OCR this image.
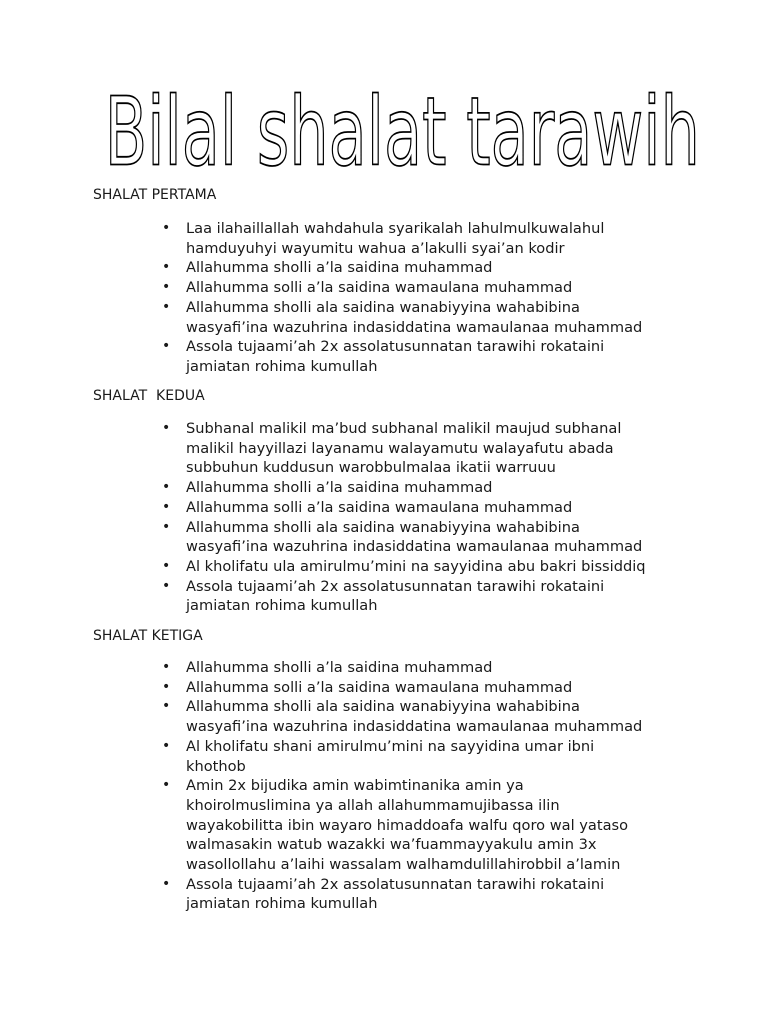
Bilal shalat tarawih
SHALAT PERTAMA
• Laa ilahaillallah wahdahula syarikalah lahulmulkuwalahul
hamduyuhyi wayumitu wahua a’lakulli syai’an kodir
• Allahumma sholli a’la saidina muhammad
• Allahumma solli a’la saidina wamaulana muhammad
• Allahumma sholli ala saidina wanabiyyina wahabibina
wasyafi’ina wazuhrina indasiddatina wamaulanaa muhammad
• Assola tujaami’ah 2x assolatusunnatan tarawihi rokataini
jamiatan rohima kumullah
SHALAT  KEDUA
• Subhanal malikil ma’bud subhanal malikil maujud subhanal
malikil hayyillazi layanamu walayamutu walayafutu abada
subbuhun kuddusun warobbulmalaa ikatii warruuu
• Allahumma sholli a’la saidina muhammad
• Allahumma solli a’la saidina wamaulana muhammad
• Allahumma sholli ala saidina wanabiyyina wahabibina
wasyafi’ina wazuhrina indasiddatina wamaulanaa muhammad
• Al kholifatu ula amirulmu’mini na sayyidina abu bakri bissiddiq
• Assola tujaami’ah 2x assolatusunnatan tarawihi rokataini
jamiatan rohima kumullah
SHALAT KETIGA
• Allahumma sholli a’la saidina muhammad
• Allahumma solli a’la saidina wamaulana muhammad
• Allahumma sholli ala saidina wanabiyyina wahabibina
wasyafi’ina wazuhrina indasiddatina wamaulanaa muhammad
• Al kholifatu shani amirulmu’mini na sayyidina umar ibni
khothob
• Amin 2x bijudika amin wabimtinanika amin ya
khoirolmuslimina ya allah allahummamujibassa ilin
wayakobilitta ibin wayaro himaddoafa walfu qoro wal yataso
walmasakin watub wazakki wa’fuammayyakulu amin 3x
wasollollahu a’laihi wassalam walhamdulillahirobbil a’lamin
• Assola tujaami’ah 2x assolatusunnatan tarawihi rokataini
jamiatan rohima kumullah
